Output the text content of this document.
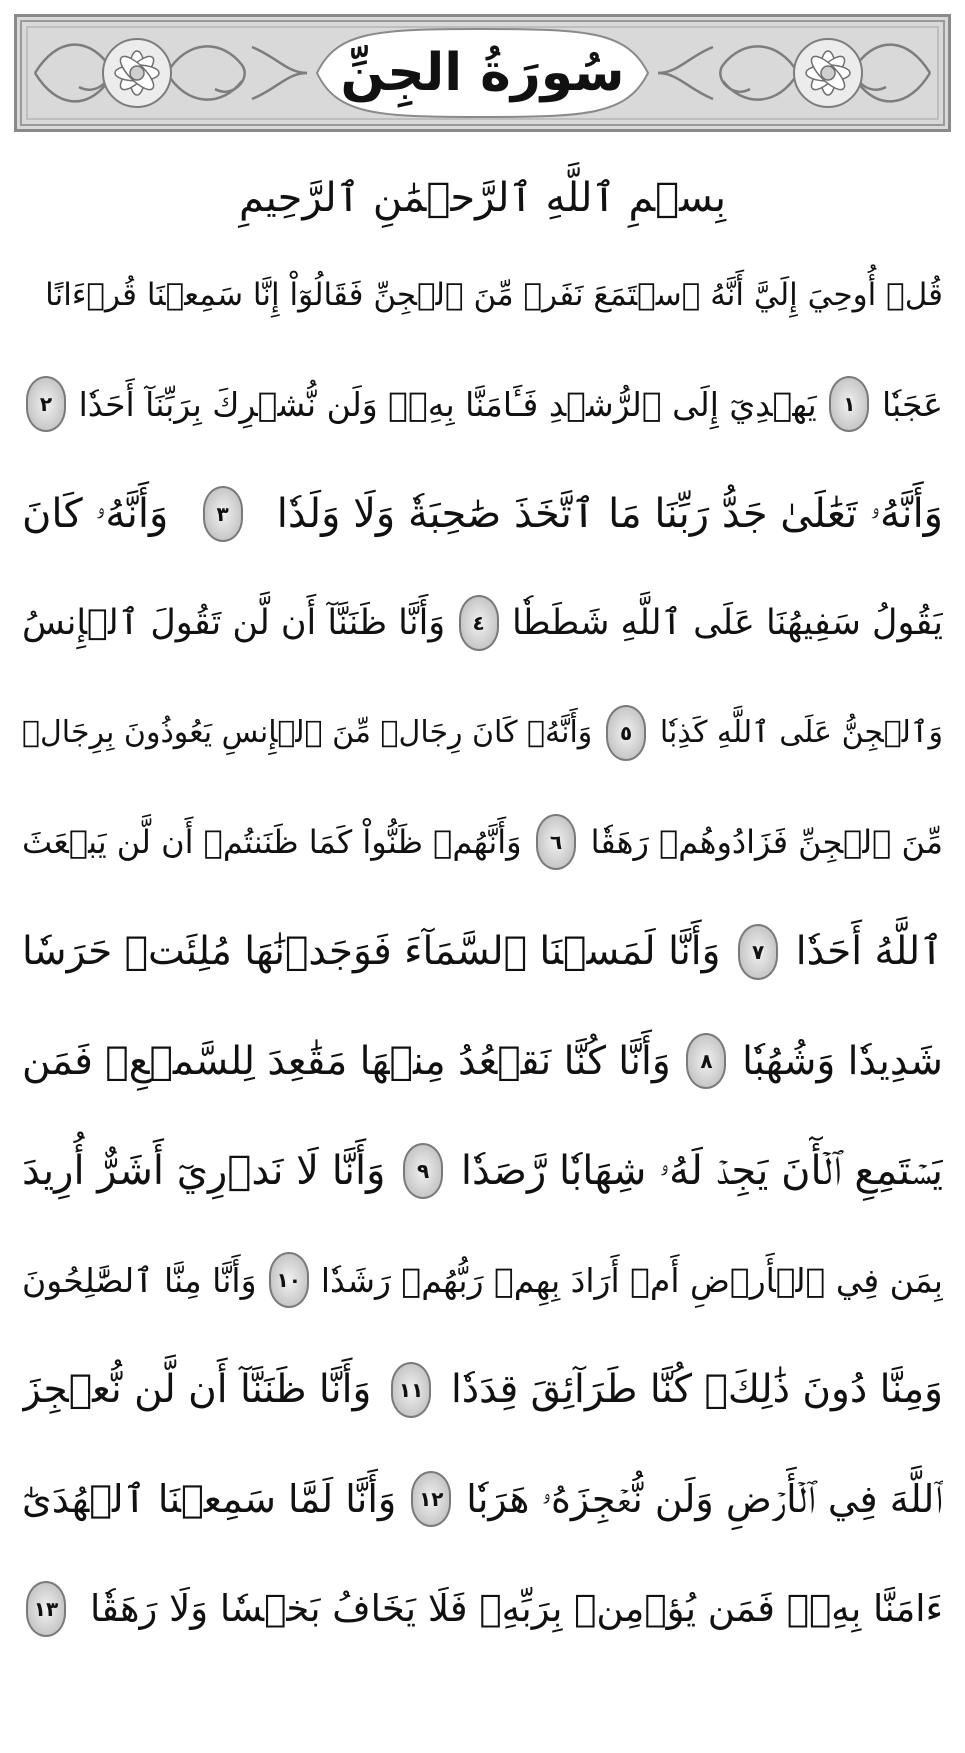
سُورَةُ الجِنِّ
بِسۡمِ ٱللَّهِ ٱلرَّحۡمَٰنِ ٱلرَّحِيمِ
قُلۡ أُوحِيَ إِلَيَّ أَنَّهُ ٱسۡتَمَعَ نَفَرٞ مِّنَ ٱلۡجِنِّ فَقَالُوٓاْ إِنَّا سَمِعۡنَا قُرۡءَانًا
عَجَبٗا
١
يَهۡدِيٓ إِلَى ٱلرُّشۡدِ فَـَٔامَنَّا بِهِۦۖ وَلَن نُّشۡرِكَ بِرَبِّنَآ أَحَدٗا
٢
وَأَنَّهُۥ تَعَٰلَىٰ جَدُّ رَبِّنَا مَا ٱتَّخَذَ صَٰحِبَةٗ وَلَا وَلَدٗا
٣
وَأَنَّهُۥ كَانَ
يَقُولُ سَفِيهُنَا عَلَى ٱللَّهِ شَطَطٗا
٤
وَأَنَّا ظَنَنَّآ أَن لَّن تَقُولَ ٱلۡإِنسُ
وَٱلۡجِنُّ عَلَى ٱللَّهِ كَذِبٗا
٥
وَأَنَّهُۥ كَانَ رِجَالٞ مِّنَ ٱلۡإِنسِ يَعُوذُونَ بِرِجَالٖ
مِّنَ ٱلۡجِنِّ فَزَادُوهُمۡ رَهَقٗا
٦
وَأَنَّهُمۡ ظَنُّواْ كَمَا ظَنَنتُمۡ أَن لَّن يَبۡعَثَ
ٱللَّهُ أَحَدٗا
٧
وَأَنَّا لَمَسۡنَا ٱلسَّمَآءَ فَوَجَدۡنَٰهَا مُلِئَتۡ حَرَسٗا
شَدِيدٗا وَشُهُبٗا
٨
وَأَنَّا كُنَّا نَقۡعُدُ مِنۡهَا مَقَٰعِدَ لِلسَّمۡعِۖ فَمَن
يَسۡتَمِعِ ٱلۡأٓنَ يَجِدۡ لَهُۥ شِهَابٗا رَّصَدٗا
٩
وَأَنَّا لَا نَدۡرِيٓ أَشَرٌّ أُرِيدَ
بِمَن فِي ٱلۡأَرۡضِ أَمۡ أَرَادَ بِهِمۡ رَبُّهُمۡ رَشَدٗا
١٠
وَأَنَّا مِنَّا ٱلصَّٰلِحُونَ
وَمِنَّا دُونَ ذَٰلِكَۖ كُنَّا طَرَآئِقَ قِدَدٗا
١١
وَأَنَّا ظَنَنَّآ أَن لَّن نُّعۡجِزَ
ٱللَّهَ فِي ٱلۡأَرۡضِ وَلَن نُّعۡجِزَهُۥ هَرَبٗا
١٢
وَأَنَّا لَمَّا سَمِعۡنَا ٱلۡهُدَىٰٓ
ءَامَنَّا بِهِۦۖ فَمَن يُؤۡمِنۢ بِرَبِّهِۦ فَلَا يَخَافُ بَخۡسٗا وَلَا رَهَقٗا
١٣
